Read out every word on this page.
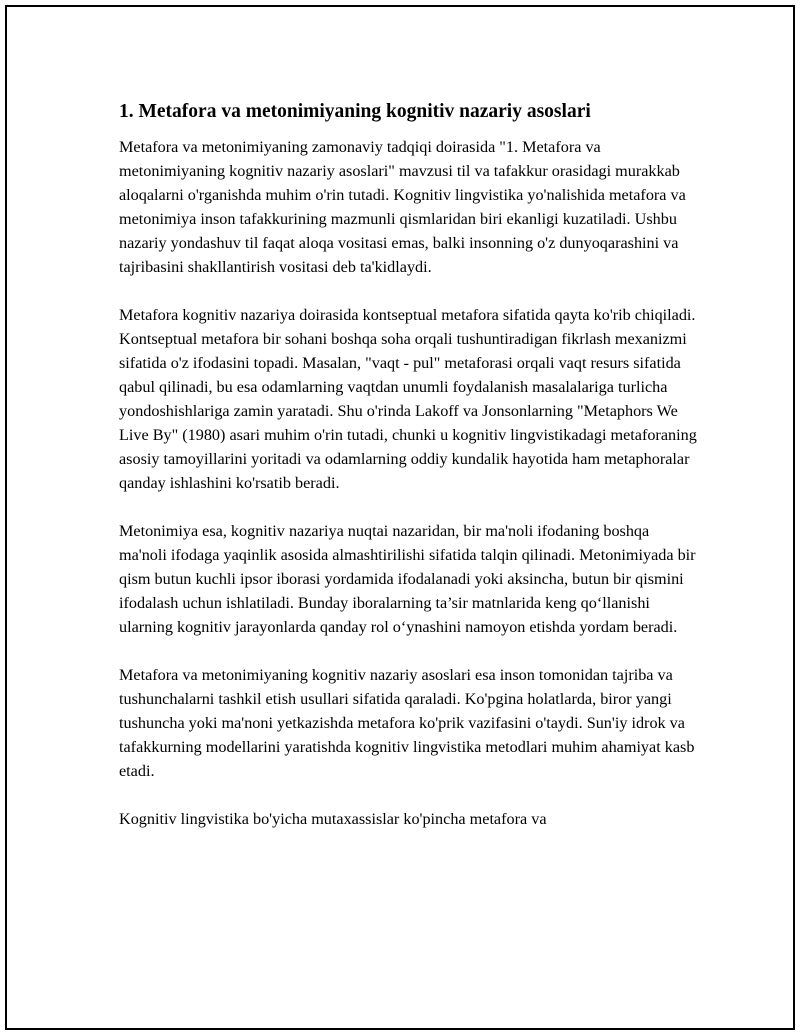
1. Metafora va metonimiyaning kognitiv nazariy asoslari

Metafora va metonimiyaning zamonaviy tadqiqi doirasida "1. Metafora va metonimiyaning kognitiv nazariy asoslari" mavzusi til va tafakkur orasidagi murakkab aloqalarni o'rganishda muhim o'rin tutadi. Kognitiv lingvistika yo'nalishida metafora va metonimiya inson tafakkurining mazmunli qismlaridan biri ekanligi kuzatiladi. Ushbu nazariy yondashuv til faqat aloqa vositasi emas, balki insonning o'z dunyoqarashini va tajribasini shakllantirish vositasi deb ta'kidlaydi.

Metafora kognitiv nazariya doirasida kontseptual metafora sifatida qayta ko'rib chiqiladi. Kontseptual metafora bir sohani boshqa soha orqali tushuntiradigan fikrlash mexanizmi sifatida o'z ifodasini topadi. Masalan, "vaqt - pul" metaforasi orqali vaqt resurs sifatida qabul qilinadi, bu esa odamlarning vaqtdan unumli foydalanish masalalariga turlicha yondoshishlariga zamin yaratadi. Shu o'rinda Lakoff va Jonsonlarning "Metaphors We Live By" (1980) asari muhim o'rin tutadi, chunki u kognitiv lingvistikadagi metaforaning asosiy tamoyillarini yoritadi va odamlarning oddiy kundalik hayotida ham metaphoralar qanday ishlashini ko'rsatib beradi.

Metonimiya esa, kognitiv nazariya nuqtai nazaridan, bir ma'noli ifodaning boshqa ma'noli ifodaga yaqinlik asosida almashtirilishi sifatida talqin qilinadi. Metonimiyada bir qism butun kuchli ipsor iborasi yordamida ifodalanadi yoki aksincha, butun bir qismini ifodalash uchun ishlatiladi. Bunday iboralarning ta’sir matnlarida keng qo‘llanishi ularning kognitiv jarayonlarda qanday rol o‘ynashini namoyon etishda yordam beradi.

Metafora va metonimiyaning kognitiv nazariy asoslari esa inson tomonidan tajriba va tushunchalarni tashkil etish usullari sifatida qaraladi. Ko'pgina holatlarda, biror yangi tushuncha yoki ma'noni yetkazishda metafora ko'prik vazifasini o'taydi. Sun'iy idrok va tafakkurning modellarini yaratishda kognitiv lingvistika metodlari muhim ahamiyat kasb etadi.

Kognitiv lingvistika bo'yicha mutaxassislar ko'pincha metafora va
